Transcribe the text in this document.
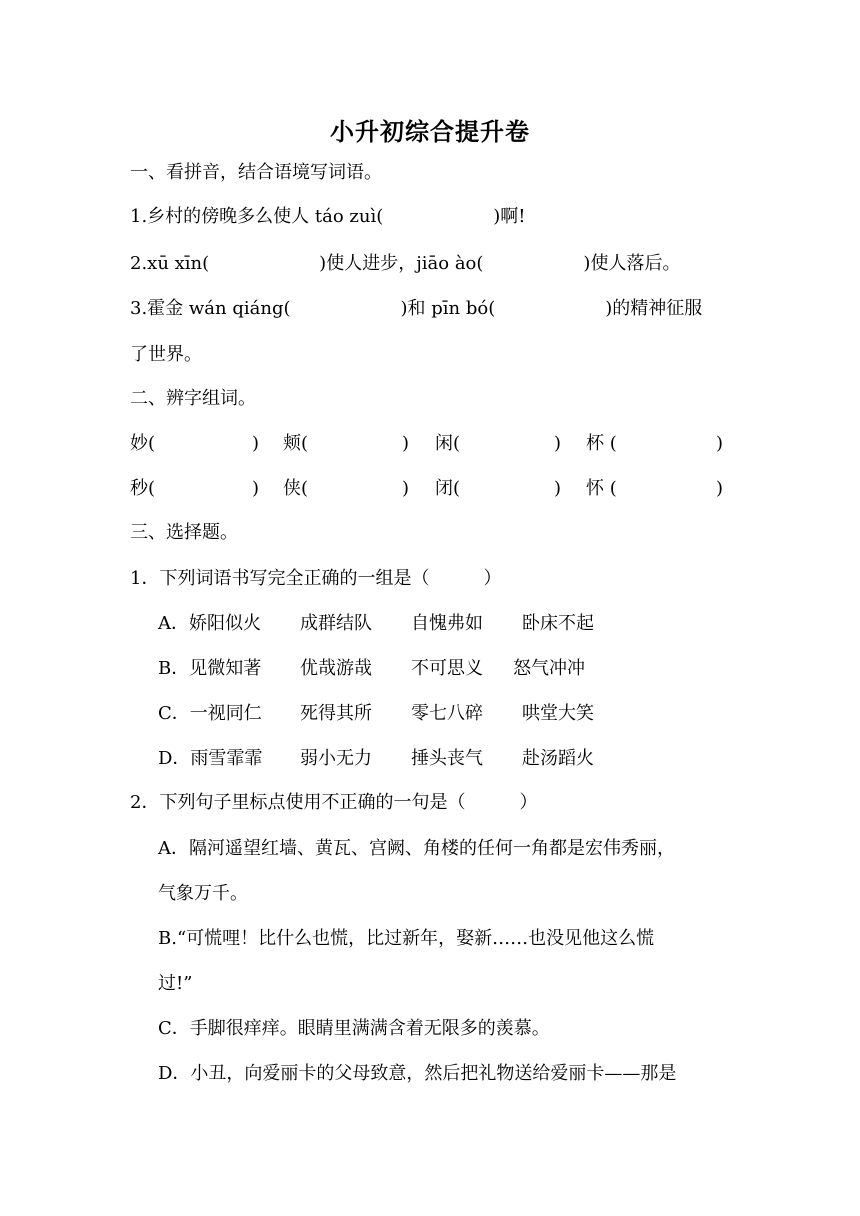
小升初综合提升卷
一、看拼音，结合语境写词语。
1.乡村的傍晚多么使人 táo zuì(	)啊!
2.xū xīn(	)使人进步，jiāo ào(	)使人落后。
3.霍金 wán qiáng(	)和 pīn bó(	)的精神征服
了世界。
二、辨字组词。
妙(	) 颊(	) 闲(	) 杯 (	)
秒(	) 侠(	) 闭(	) 怀 (	)
三、选择题。
1．下列词语书写完全正确的一组是（　　　）
A．娇阳似火 成群结队 自愧弗如 卧床不起
B．见微知著 优哉游哉 不可思义 怒气冲冲
C．一视同仁 死得其所 零七八碎 哄堂大笑
D．雨雪霏霏 弱小无力 捶头丧气 赴汤蹈火
2．下列句子里标点使用不正确的一句是（　　　）
A．隔河遥望红墙、黄瓦、宫阙、角楼的任何一角都是宏伟秀丽，
气象万千。
B.“可慌哩！比什么也慌，比过新年，娶新……也没见他这么慌
过!”
C．手脚很痒痒。眼睛里满满含着无限多的羡慕。
D．小丑，向爱丽卡的父母致意，然后把礼物送给爱丽卡——那是
